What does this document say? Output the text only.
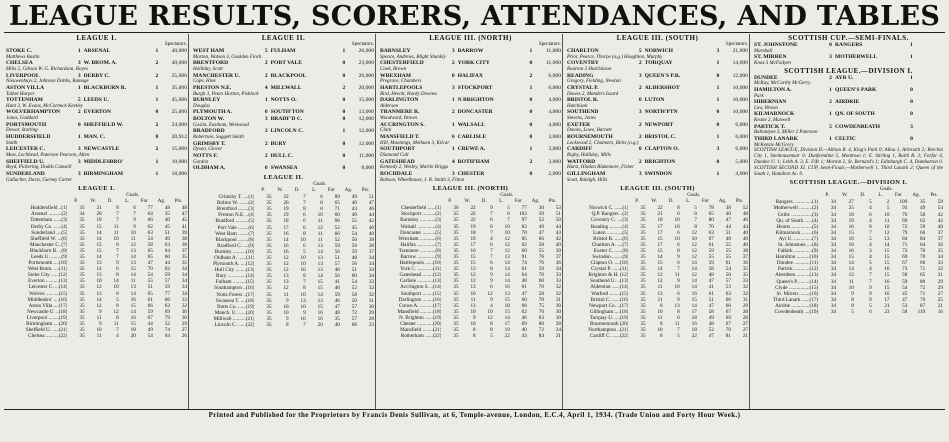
LEAGUE RESULTS, SCORERS, ATTENDANCES, AND TABLES
LEAGUE I.
Spectators.
STOKE C.	1 ARSENAL	1	40,000
Matthews Bastin
CHELSEA	3 W. BROM. A.	2	40,000
Mills 2, Gibson W. G. Richardson, Boyes
LIVERPOOL	3 DERBY C.	2	25,000
Nieuwenhuys 2, Johnson Dobbs, Ramage
ASTON VILLA	1 BLACKBURN R.	1	35,000
Talbot Harper
TOTTENHAM	5 LEEDS U.	1	45,000
Hunt 3, W. Evans, McCormick Keetley
WOLVERHAMPTON	2 EVERTON	0	25,000
Jones, Goddard
PORTSMOUTH	0 SHEFFIELD W.	2	24,000
Dewar, Starling
HUDDERSFIELD	1 MAN. C.	0	20,912
Smith
LEICESTER C.	3 NEWCASTLE	2	15,000
Maw, Lochhead, Paterson Pearson, Allen
SHEFFIELD U.	3 MIDDLESBRO'	1	10,000
Boyd, Pickering, Dodds Camsell
SUNDERLAND	3 BIRMINGHAM	1	18,000
Gallacher, Davis, Gurney Carter
LEAGUE I.
Goals.
P.	W.	D.	L.	For	Ag.	Pts.
Huddersfield ..(1)	35	21	8	6	77	48	48
Arsenal ..........(2)	34	20	7	7	64	35	47
Tottenham ......(3)	35	19	7	9	66	40	45
Derby Co. ......(4)	35	15	11	9	62	45	41
Sunderland ....(5)	35	14	11	10	63	51	39
Sheffield W. ...(6)	35	14	10	11	54	49	38
Manchester C. (7)	35	15	8	12	58	63	38
Blackburn R. ..(8)	35	15	7	13	65	64	37
Leeds U. ........(9)	35	14	7	14	65	60	35
Portsmouth ....(10)	35	13	9	13	47	44	35
West Brom. ....(11)	35	14	6	15	70	62	34
Stoke City ......(12)	35	13	8	14	54	59	34
Everton ..........(13)	35	10	14	11	55	57	34
Leicester C. ...(14)	35	12	10	13	51	59	34
Wolves ..........(15)	35	13	8	14	65	77	34
Middlesbro' ....(16)	35	14	5	16	61	66	33
Aston Villa ....(17)	35	12	8	15	66	62	32
Newcastle U. ..(18)	35	9	12	14	59	69	30
Liverpool ........(19)	35	11	8	16	67	79	30
Birmingham ....(20)	35	9	11	15	44	52	29
Sheffield U. .....(21)	35	10	7	18	49	74	27
Chelsea ..........(22)	35	11	4	20	54	64	26
LEAGUE II.
Spectators.
WEST HAM	5 FULHAM	1	26,000
Morton, Watson 3, Goulden Finch
BRENTFORD	2 PORT VALE	0	23,000
Holliday, Scott
MANCHESTER U.	2 BLACKPOOL	0	20,000
Cape, Hine
PRESTON N.E.	4 MILLWALL	2	20,000
Burgh 3, Pears Horton, Pishlock
BURNLEY	1 NOTTS O.	0	15,000
Douglas
PLYMOUTH A.	0 SOUTH'TON	0	13,000
BOLTON W.	3 BRADF'D C.	0	12,000
Goslin, Eastham, Westwood
BRADFORD	2 LINCOLN C.	1	12,000
Robertson, Suggett Smith
GRIMSBY T.	2 BURY	0	12,000
Dyson, Glover
NOTTS F.	2 HULL C.	0	11,000
Gordon
OLDHAM A.	0 SWANSEA	0	8,000
LEAGUE II.
Goals.
P.	W.	D.	L.	For	Ag.	Pts.
Grimsby T. ....(1)	35	22	7	6	89	49	51
Bolton W. .......(2)	35	20	7	8	65	40	47
Brentford ........(3)	35	19	8	8	71	43	46
Preston N.E. ..(4)	35	19	6	10	60	40	44
Bradford ..........(5)	35	18	6	11	66	55	42
Port Vale ........(6)	35	17	6	12	52	45	40
West Ham ........(7)	35	16	8	11	66	54	40
Blackpool ........(8)	35	14	10	11	52	50	38
Bradford C. ....(9)	35	16	6	13	59	56	38
Burnley ..........(10)	35	16	5	14	56	59	37
Oldham A. ......(11)	35	12	10	13	51	48	34
Plymouth A. ....(12)	35	12	10	13	57	56	34
Hull City ........(13)	35	12	10	13	46	51	34
Bury ..............(14)	35	13	8	14	56	60	34
Fulham ..........(15)	35	13	7	15	41	54	33
Southampton ..(16)	35	12	8	15	46	52	32
Notts Forest ..(17)	35	11	10	14	59	58	32
Swansea T. ....(18)	35	9	13	13	46	50	31
Notts Co. ......(19)	35	10	10	15	47	57	30
Manch. U. ......(20)	35	10	9	16	48	72	29
Millwall ..........(21)	35	9	10	16	35	57	28
Lincoln C. ......(22)	35	8	7	20	40	66	23
LEAGUE III. (NORTH)
Spectators.
BARNSLEY	3 BARROW	1	11,000
Spence, Andrews, Blight Shankly
CHESTERFIELD	2 YORK CITY	0	11,000
Cook, Brown
WREXHAM	0 HALIFAX	2	6,000
Pregrave, Chambers
HARTLEPOOLS	3 STOCKPORT	1	6,000
Bird, Hewitt, Hardy Downes
DARLINGTON	1 N BRIGHTON	0	4,000
Alderson
TRANMERE R.	2 DONCASTER	0	4,000
Woodward, Brown
ACCRINGTON S.	1 WALSALL	0	4,000
Clark
MANSFIELD T.	6 CARLISLE	0	3,000
Hill, Munnings, Methuen 3, Kilcar
SOUTHPORT	1 CREWE A.	1	3,000
Diamond Cull
GATESHEAD	4 ROTH'HAM	2	3,000
Kennedy 2, Wesley, Martin Briggs
ROCHDALE	3 CHESTER	0	2,000
Robson, Wheelhouse, J. R. Smith 3, Fitton
LEAGUE III. (NORTH)
Goals.
P.	W.	D.	L.	For	Ag.	Pts.
Chesterfield ......(1)	36	22	9	5	77	30	53
Stockport ..........(2)	35	22	7	6	103	39	51
Barnsley ............(3)	35	22	6	7	97	52	50
Walsall ..............(4)	35	19	6	10	83	49	44
Doncaster ..........(5)	35	18	7	10	70	47	43
Wrexham ............(6)	35	19	4	12	85	66	42
Halifax ..............(7)	35	17	6	12	62	58	40
Tranmere ............(8)	35	16	7	12	60	55	39
Barrow ..............(9)	35	15	7	13	91	76	37
Hartlepools ......(10)	35	15	6	14	74	76	36
York C. ............(11)	35	13	8	14	61	59	34
Gateshead ........(12)	35	12	9	14	64	70	33
Carlisle ............(13)	35	12	9	14	48	60	33
Accrington S. ..(14)	35	13	6	16	61	70	32
Southport ........(15)	35	10	12	13	47	58	32
Darlington ........(16)	35	11	9	15	60	70	31
Crewe A. ..........(17)	35	13	4	18	66	75	30
Mansfield ..........(18)	35	10	10	15	62	70	30
N. Brighton ......(19)	35	9	12	14	46	63	30
Chester ............(20)	35	10	8	17	69	80	28
Mansfield ........(21)	35	8	8	19	40	72	24
Rotherham ......(22)	35	8	5	22	43	84	21
LEAGUE III. (SOUTH)
Spectators.
CHARLTON	5 NORWICH	3	21,000
Prior, Pearce, Thorpe (o.g.) Houghton, Murphy
COVENTRY	2 TORQUAY	1	14,000
Bourton 2 Hutchinson
READING	3 QUEEN'S P.R.	0	12,000
Gregory, Fielding, Newton
CRYSTAL P.	2 ALDERSHOT	1	10,000
Dawes 2, Manders Issard
BRISTOL R.	0 LUTON	1	10,000
Hutchison
SOUTHEND	3 NORTH'PTN	0	10,000
Stevens, Jones
EXETER	2 NEWPORT	0	6,000
Davies, Lowe, Barnett
BOURNEMOUTH	2 BRISTOL C.	1	6,000
Lockwood 2, Chalmers, Birks (o.g.)
CARDIFF	0 CLAPTON O.	3	6,000
Rigby, Halliday, Mills
WATFORD	2 BRIGHTON	0	5,000
Hurst, Hindon Blakemore, Fisher
GILLINGHAM	3 SWINDON	1	4,000
Scott, Raleigh, Hills
LEAGUE III. (SOUTH)
Goals.
P.	W.	D.	L.	For	Ag.	Pts.
Norwich C. ......(1)	35	22	8	5	78	38	52
Q.P. Rangers ..(2)	35	21	6	8	65	40	48
Coventry C. ....(3)	35	18	10	7	80	47	46
Reading ..........(4)	35	17	10	8	70	44	44
Luton ............(5)	35	17	6	12	63	51	40
Bristol R. ......(6)	35	15	10	10	67	48	40
Charlton A. ....(7)	35	17	6	12	61	55	40
Exeter C. ......(8)	35	15	8	12	59	55	38
Swindon ........(9)	35	14	9	12	55	55	37
Clapton O. ....(10)	35	15	6	14	59	61	36
Crystal P. ......(11)	35	14	7	14	58	54	35
Brighton & H. (12)	35	12	11	12	48	50	35
Southend U. ..(13)	35	12	9	14	47	57	33
Aldershot ......(14)	35	11	10	14	41	53	32
Watford ........(15)	35	13	6	16	61	63	32
Bristol C. ......(16)	35	11	9	15	51	66	31
Newport Co. ..(17)	35	8	13	14	47	60	29
Gillingham ....(18)	35	10	8	17	58	67	28
Torquay U. ....(19)	35	11	6	18	49	69	28
Bournemouth (20)	35	8	11	16	48	67	27
Northampton ..(21)	35	10	7	18	52	70	27
Cardiff C. ......(22)	35	8	5	22	47	81	21
SCOTTISH CUP.—SEMI-FINALS.
ST. JOHNSTONE	0 RANGERS	1
Marshall
ST. MIRREN	3 MOTHERWELL	1
Knox 3 McFadyen
SCOTTISH LEAGUE.—DIVISION I.
DUNDEE	2 AYR U.	1
McKay, McCarthy McGerry
HAMILTON A.	1 QUEEN'S PARK	0
Park
HIBERNIAN	2 AIRDRIE	0
Law, Brown
KILMARNOCK	1 QN. OF SOUTH	0
Keane 2, Maxwell
PARTICK T.	5 COWDENBEATH	3
Ballantyne 3, Miller 2 Paterson
THIRD LANARK	1 CELTIC	0
McKenzie McGrory
SCOTTISH LEAGUE, Division II.—Albion R. 4, King's Park 0; Alloa 1, Arbroath 2; Brechin City 1, Stenhousemuir 0; Dunfermline 5, Montrose 1; E. Stirling 1, Raith R. 3; Forfar 4, Dundee U. 1; Leith A. 3, E. Fife 1; Morton 2, St. Bernard's 1; Edinburgh C. 4, Dumbarton 0. SCOTTISH SECOND XI. CUP, Semi-Finals.—Motherwell 1, Third Lanark 2; Queen of the South 1, Hamilton Ac. 0.
SCOTTISH LEAGUE.—DIVISION I.
Goals.
P.	W.	D.	L.	For	Ag.	Pts.
Rangers ..............(1)	34	27	5	2	109	35	59
Motherwell ..........(2)	34	25	4	5	93	49	54
Celtic ................(3)	34	18	6	10	76	50	42
Qu. of South ......(4)	34	19	4	11	69	62	42
Hearts ................(5)	34	16	8	10	72	59	40
Kilmarnock ........(6)	34	15	7	12	79	66	37
Ayr U. ..............(7)	34	16	5	13	84	84	37
St. Johnstone ....(8)	34	16	4	14	71	64	36
Falkirk ..............(9)	34	16	3	15	73	70	35
Hamilton ..........(10)	34	15	4	15	69	70	34
Dundee ............(11)	34	14	5	15	67	66	33
Partick ............(12)	34	14	4	16	73	71	32
Aberdeen ..........(13)	34	12	7	15	58	65	31
Queen's P. ........(14)	34	11	7	16	59	80	29
Clyde ................(15)	34	10	9	15	54	72	29
St. Mirren ........(16)	34	9	9	16	45	71	27
Third Lanark ......(17)	34	8	9	17	47	76	25
Airdrie ..............(18)	34	8	5	21	53	87	21
Cowdenbeath ....(19)	34	5	6	23	58	119	16
Printed and Published for the Proprietors by Francis Denis Sullivan, at 6, Temple-avenue, London, E.C.4, April 1, 1934. (Trade Union and Forty Hour Week.)
